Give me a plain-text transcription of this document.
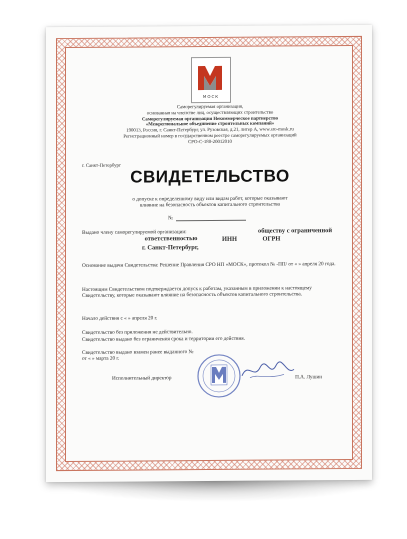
МОСК
Саморегулируемая организация,
основанная на членстве лиц, осуществляющих строительство
Саморегулируемая организация Некоммерческое партнерство
«Межрегиональное объединение строительных компаний»
190013, Россия, г. Санкт-Петербург, ул. Рузовская, д.21, литер А, www.sro-mosk.ru
Регистрационный номер в государственном реестре саморегулируемых организаций
СРО-С-180-20012010
г. Санкт-Петербург
СВИДЕТЕЛЬСТВО
о допуске к определенному виду или видам работ, которые оказывают
влияние на безопасность объектов капитального строительства
№
Выдано члену саморегулируемой организации:	обществу с ограниченной
ответственностью	ИНН	ОГРН
г. Санкт-Петербург,
Основание выдачи Свидетельства: Решение Правления СРО НП «МОСК», протокол № -ПП/ от « » апреля 20 года.
Настоящим Свидетельством подтверждается допуск к работам, указанным в приложении к настоящему Свидетельству, которые оказывают влияние на безопасность объектов капитального строительства.
Начало действия с « » апреля 20 г.
Свидетельство без приложения не действительно.
Свидетельство выдано без ограничения срока и территории его действия.
Свидетельство выдано взамен ранее выданного №
от « » марта 20 г.
Исполнительный директор	П.А. Лушин
